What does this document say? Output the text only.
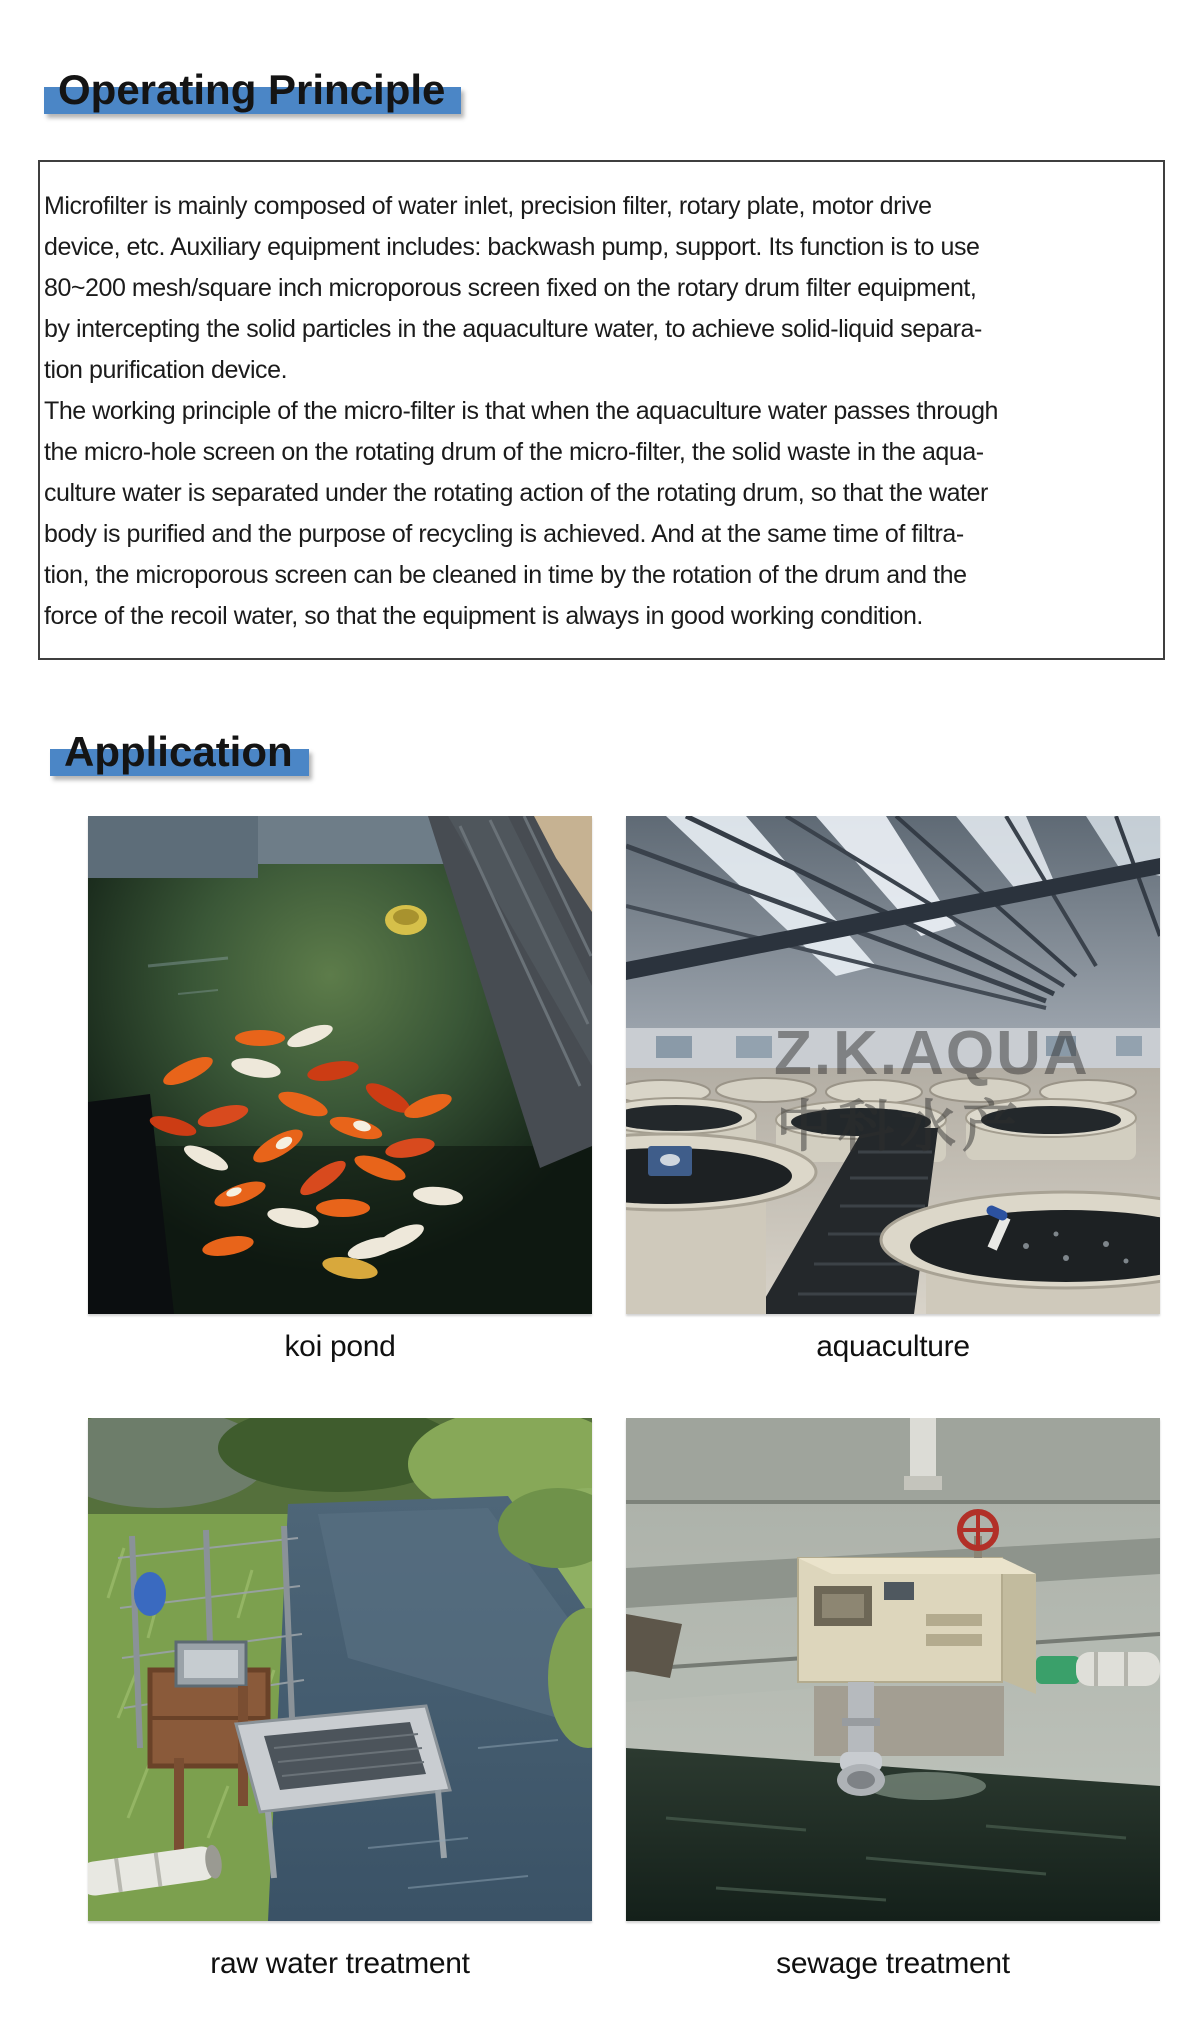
Operating Principle
Microfilter is mainly composed of water inlet, precision filter, rotary plate, motor drive
device, etc. Auxiliary equipment includes: backwash pump, support. Its function is to use
80~200 mesh/square inch microporous screen fixed on the rotary drum filter equipment,
by intercepting the solid particles in the aquaculture water, to achieve solid-liquid separa-
tion purification device.
The working principle of the micro-filter is that when the aquaculture water passes through
the micro-hole screen on the rotating drum of the micro-filter, the solid waste in the aqua-
culture water is separated under the rotating action of the rotating drum, so that the water
body is purified and the purpose of recycling is achieved. And at the same time of filtra-
tion, the microporous screen can be cleaned in time by the rotation of the drum and the
force of the recoil water, so that the equipment is always in good working condition.
Application
koi pond
Z.K.AQUA
中科水产
aquaculture
raw water treatment	sewage treatment
